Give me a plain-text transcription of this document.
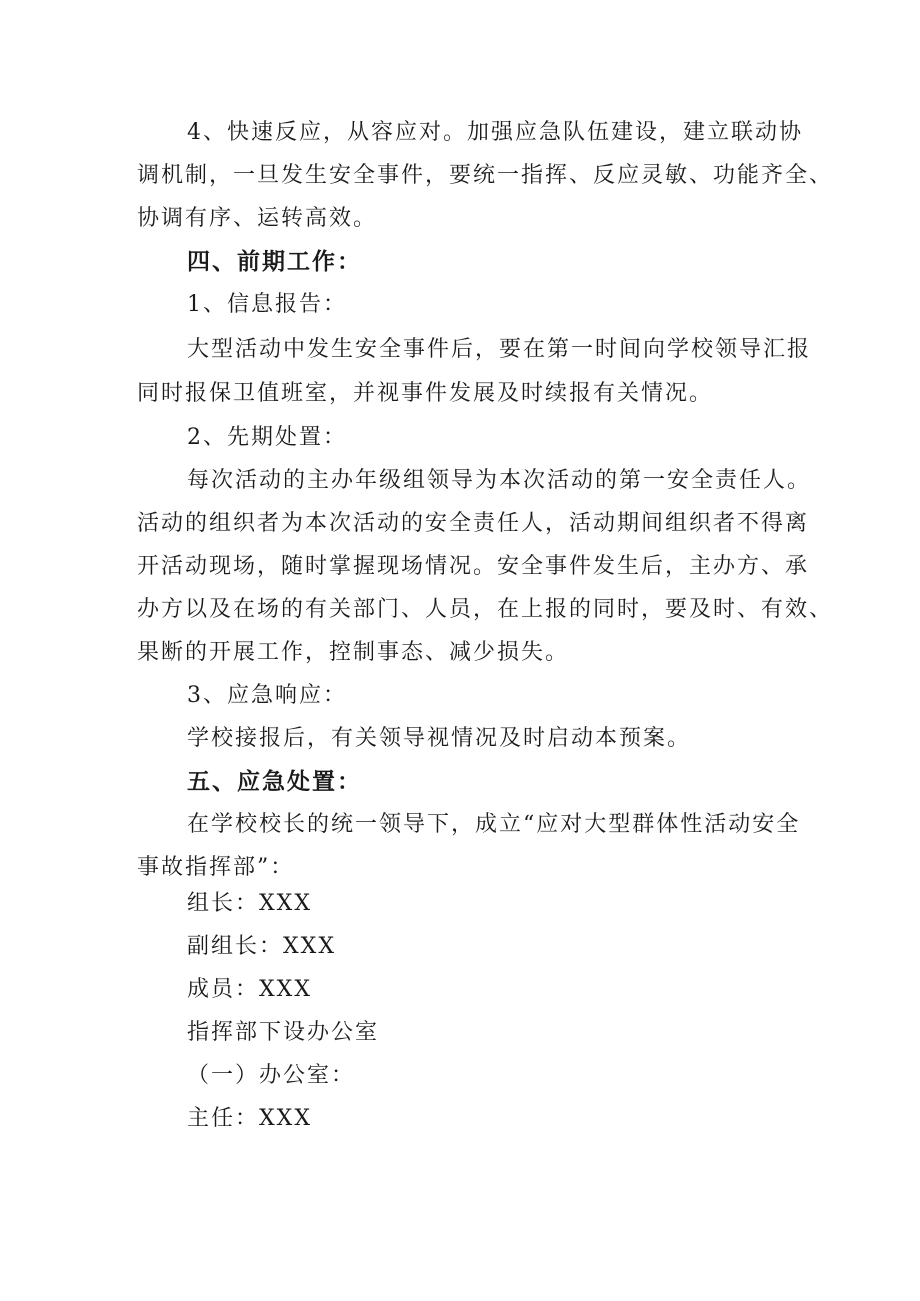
4、快速反应，从容应对。加强应急队伍建设，建立联动协
调机制，一旦发生安全事件，要统一指挥、反应灵敏、功能齐全、
协调有序、运转高效。
四、前期工作：
1、信息报告：
大型活动中发生安全事件后，要在第一时间向学校领导汇报
同时报保卫值班室，并视事件发展及时续报有关情况。
2、先期处置：
每次活动的主办年级组领导为本次活动的第一安全责任人。
活动的组织者为本次活动的安全责任人，活动期间组织者不得离
开活动现场，随时掌握现场情况。安全事件发生后，主办方、承
办方以及在场的有关部门、人员，在上报的同时，要及时、有效、
果断的开展工作，控制事态、减少损失。
3、应急响应：
学校接报后，有关领导视情况及时启动本预案。
五、应急处置：
在学校校长的统一领导下，成立“应对大型群体性活动安全
事故指挥部”：
组长：XXX
副组长：XXX
成员：XXX
指挥部下设办公室
（一）办公室：
主任：XXX
